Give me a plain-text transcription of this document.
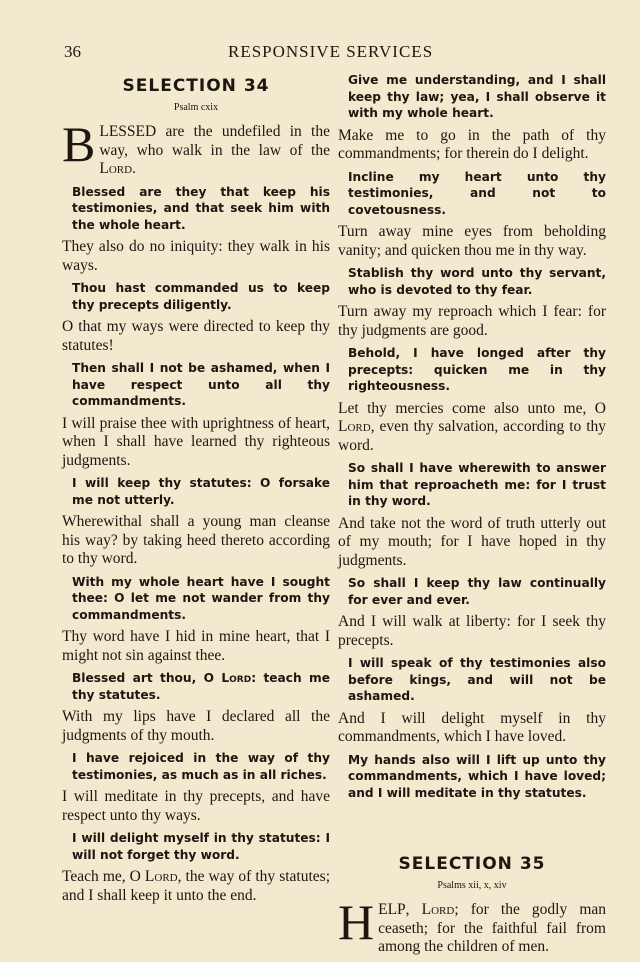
36	RESPONSIVE SERVICES
SELECTION 34
Psalm cxix

BLESSED are the undefiled in the way, who walk in the law of the Lord.

Blessed are they that keep his testimonies, and that seek him with the whole heart.

They also do no iniquity: they walk in his ways.

Thou hast commanded us to keep thy precepts diligently.

O that my ways were directed to keep thy statutes!

Then shall I not be ashamed, when I have respect unto all thy commandments.

I will praise thee with uprightness of heart, when I shall have learned thy righteous judgments.

I will keep thy statutes: O forsake me not utterly.

Wherewithal shall a young man cleanse his way? by taking heed thereto according to thy word.

With my whole heart have I sought thee: O let me not wander from thy commandments.

Thy word have I hid in mine heart, that I might not sin against thee.

Blessed art thou, O Lord: teach me thy statutes.

With my lips have I declared all the judgments of thy mouth.

I have rejoiced in the way of thy testimonies, as much as in all riches.

I will meditate in thy precepts, and have respect unto thy ways.

I will delight myself in thy statutes: I will not forget thy word.

Teach me, O Lord, the way of thy statutes; and I shall keep it unto the end.

Give me understanding, and I shall keep thy law; yea, I shall observe it with my whole heart.

Make me to go in the path of thy commandments; for therein do I delight.

Incline my heart unto thy testimonies, and not to covetousness.

Turn away mine eyes from beholding vanity; and quicken thou me in thy way.

Stablish thy word unto thy servant, who is devoted to thy fear.

Turn away my reproach which I fear: for thy judgments are good.

Behold, I have longed after thy precepts: quicken me in thy righteousness.

Let thy mercies come also unto me, O Lord, even thy salvation, according to thy word.

So shall I have wherewith to answer him that reproacheth me: for I trust in thy word.

And take not the word of truth utterly out of my mouth; for I have hoped in thy judgments.

So shall I keep thy law continually for ever and ever.

And I will walk at liberty: for I seek thy precepts.

I will speak of thy testimonies also before kings, and will not be ashamed.

And I will delight myself in thy commandments, which I have loved.

My hands also will I lift up unto thy commandments, which I have loved; and I will meditate in thy statutes.

SELECTION 35
Psalms xii, x, xiv

HELP, Lord; for the godly man ceaseth; for the faithful fail from among the children of men.
